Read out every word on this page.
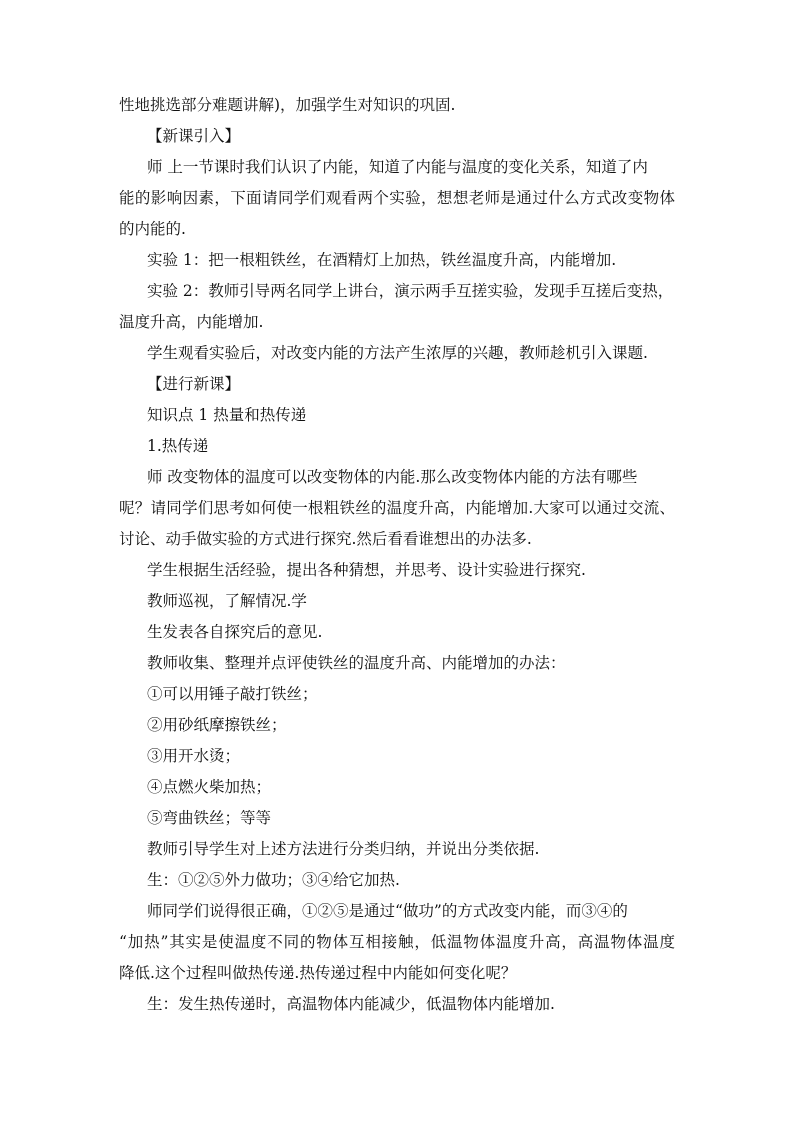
性地挑选部分难题讲解)，加强学生对知识的巩固.
【新课引入】
师 上一节课时我们认识了内能，知道了内能与温度的变化关系，知道了内
能的影响因素，下面请同学们观看两个实验，想想老师是通过什么方式改变物体
的内能的.
实验 1：把一根粗铁丝，在酒精灯上加热，铁丝温度升高，内能增加.
实验 2：教师引导两名同学上讲台，演示两手互搓实验，发现手互搓后变热，
温度升高，内能增加.
学生观看实验后，对改变内能的方法产生浓厚的兴趣，教师趁机引入课题.
【进行新课】
知识点 1 热量和热传递
1.热传递
师 改变物体的温度可以改变物体的内能.那么改变物体内能的方法有哪些
呢？请同学们思考如何使一根粗铁丝的温度升高，内能增加.大家可以通过交流、
讨论、动手做实验的方式进行探究.然后看看谁想出的办法多.
学生根据生活经验，提出各种猜想，并思考、设计实验进行探究.
教师巡视，了解情况.学
生发表各自探究后的意见.
教师收集、整理并点评使铁丝的温度升高、内能增加的办法：
①可以用锤子敲打铁丝；
②用砂纸摩擦铁丝；
③用开水烫；
④点燃火柴加热；
⑤弯曲铁丝；等等
教师引导学生对上述方法进行分类归纳，并说出分类依据.
生：①②⑤外力做功；③④给它加热.
师同学们说得很正确，①②⑤是通过“做功”的方式改变内能，而③④的
“加热”其实是使温度不同的物体互相接触，低温物体温度升高，高温物体温度
降低.这个过程叫做热传递.热传递过程中内能如何变化呢？
生：发生热传递时，高温物体内能减少，低温物体内能增加.
